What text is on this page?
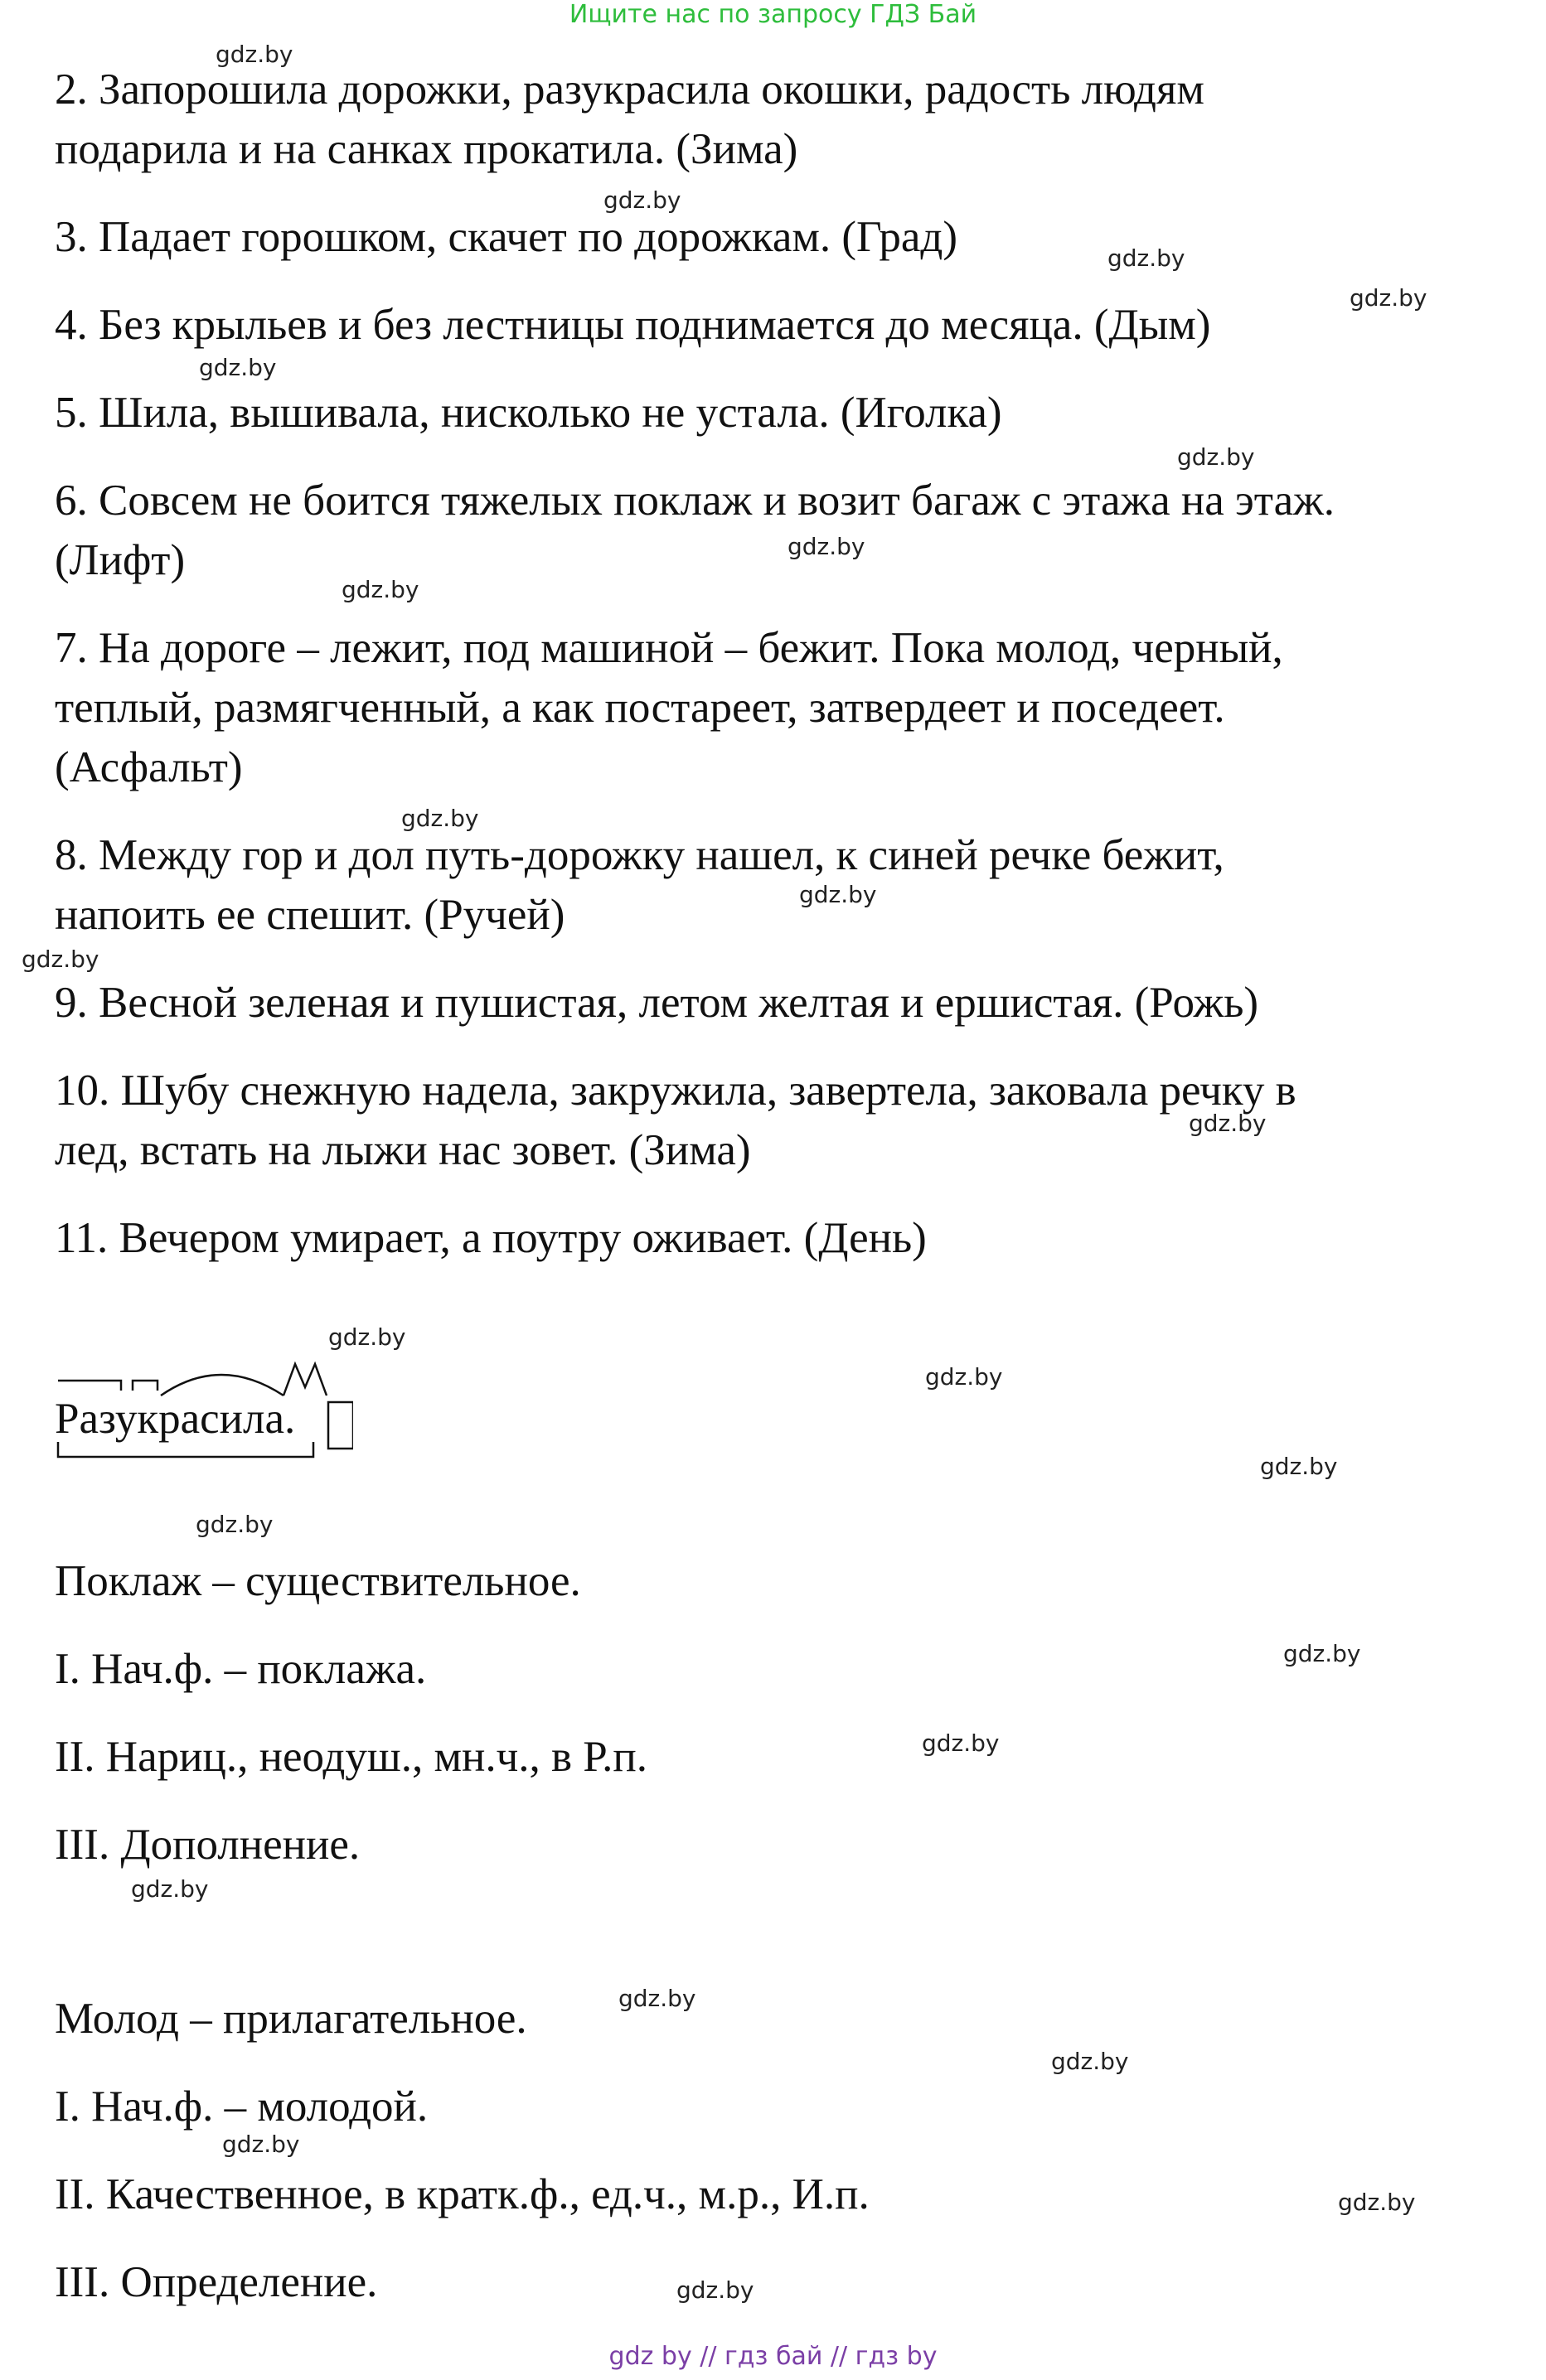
Ищите нас по запросу ГДЗ Бай
2. Запорошила дорожки, разукрасила окошки, радость людям
подарила и на санках прокатила. (Зима)
3. Падает горошком, скачет по дорожкам. (Град)
4. Без крыльев и без лестницы поднимается до месяца. (Дым)
5. Шила, вышивала, нисколько не устала. (Иголка)
6. Совсем не боится тяжелых поклаж и возит багаж с этажа на этаж.
(Лифт)
7. На дороге – лежит, под машиной – бежит. Пока молод, черный,
теплый, размягченный, а как постареет, затвердеет и поседеет.
(Асфальт)
8. Между гор и дол путь-дорожку нашел, к синей речке бежит,
напоить ее спешит. (Ручей)
9. Весной зеленая и пушистая, летом желтая и ершистая. (Рожь)
10. Шубу снежную надела, закружила, завертела, заковала речку в
лед, встать на лыжи нас зовет. (Зима)
11. Вечером умирает, а поутру оживает. (День)
Разукрасила.
Поклаж – существительное.
I. Нач.ф. – поклажа.
II. Нариц., неодуш., мн.ч., в Р.п.
III. Дополнение.
Молод – прилагательное.
I. Нач.ф. – молодой.
II. Качественное, в кратк.ф., ед.ч., м.р., И.п.
III. Определение.
gdz.by
gdz.by
gdz.by
gdz.by
gdz.by
gdz.by
gdz.by
gdz.by
gdz.by
gdz.by
gdz.by
gdz.by
gdz.by
gdz.by
gdz.by
gdz.by
gdz.by
gdz.by
gdz.by
gdz.by
gdz.by
gdz.by
gdz.by
gdz.by
gdz by // гдз бай // гдз by
